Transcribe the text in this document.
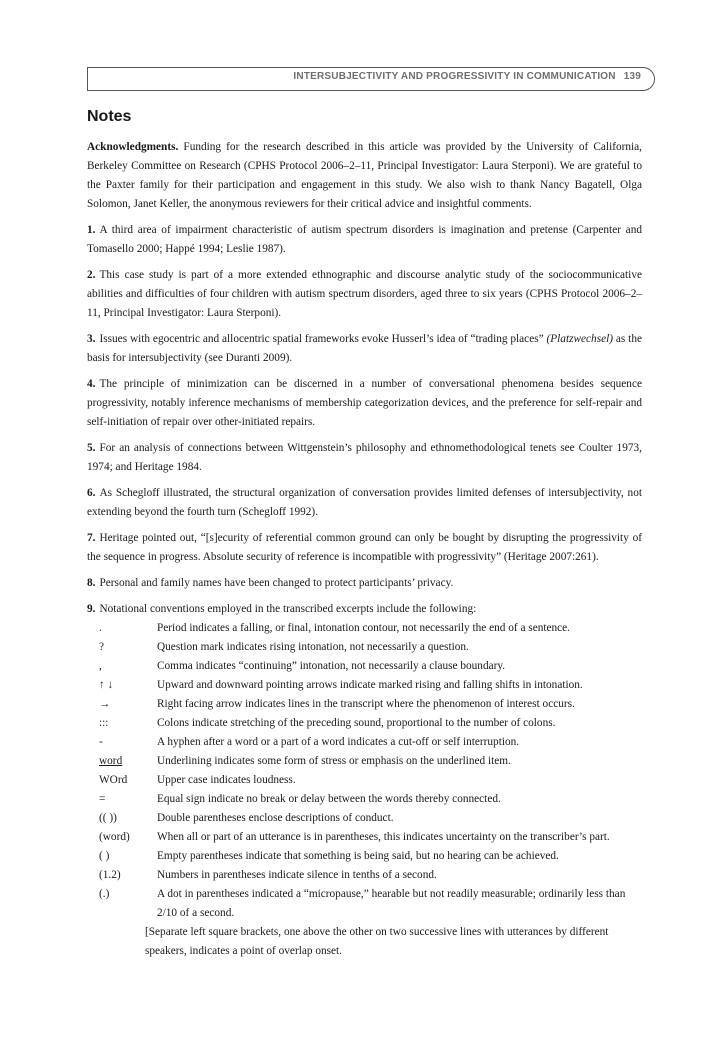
INTERSUBJECTIVITY AND PROGRESSIVITY IN COMMUNICATION 139
Notes

Acknowledgments. Funding for the research described in this article was provided by the University of California, Berkeley Committee on Research (CPHS Protocol 2006–2–11, Principal Investigator: Laura Sterponi). We are grateful to the Paxter family for their participation and engagement in this study. We also wish to thank Nancy Bagatell, Olga Solomon, Janet Keller, the anonymous reviewers for their critical advice and insightful comments.

1. A third area of impairment characteristic of autism spectrum disorders is imagination and pretense (Carpenter and Tomasello 2000; Happé 1994; Leslie 1987).

2. This case study is part of a more extended ethnographic and discourse analytic study of the sociocommunicative abilities and difficulties of four children with autism spectrum disorders, aged three to six years (CPHS Protocol 2006–2–11, Principal Investigator: Laura Sterponi).

3. Issues with egocentric and allocentric spatial frameworks evoke Husserl’s idea of “trading places” (Platzwechsel) as the basis for intersubjectivity (see Duranti 2009).

4. The principle of minimization can be discerned in a number of conversational phenomena besides sequence progressivity, notably inference mechanisms of membership categorization devices, and the preference for self-repair and self-initiation of repair over other-initiated repairs.

5. For an analysis of connections between Wittgenstein’s philosophy and ethnomethodological tenets see Coulter 1973, 1974; and Heritage 1984.

6. As Schegloff illustrated, the structural organization of conversation provides limited defenses of intersubjectivity, not extending beyond the fourth turn (Schegloff 1992).

7. Heritage pointed out, “[s]ecurity of referential common ground can only be bought by disrupting the progressivity of the sequence in progress. Absolute security of reference is incompatible with progressivity” (Heritage 2007:261).

8. Personal and family names have been changed to protect participants’ privacy.

9. Notational conventions employed in the transcribed excerpts include the following:
.	Period indicates a falling, or final, intonation contour, not necessarily the end of a sentence.
?	Question mark indicates rising intonation, not necessarily a question.
,	Comma indicates “continuing” intonation, not necessarily a clause boundary.
↑ ↓	Upward and downward pointing arrows indicate marked rising and falling shifts in intonation.
→	Right facing arrow indicates lines in the transcript where the phenomenon of interest occurs.
:::	Colons indicate stretching of the preceding sound, proportional to the number of colons.
-	A hyphen after a word or a part of a word indicates a cut-off or self interruption.
word	Underlining indicates some form of stress or emphasis on the underlined item.
WOrd	Upper case indicates loudness.
=	Equal sign indicate no break or delay between the words thereby connected.
(( ))	Double parentheses enclose descriptions of conduct.
(word)	When all or part of an utterance is in parentheses, this indicates uncertainty on the transcriber’s part.
( )	Empty parentheses indicate that something is being said, but no hearing can be achieved.
(1.2)	Numbers in parentheses indicate silence in tenths of a second.
(.)	A dot in parentheses indicated a “micropause,” hearable but not readily measurable; ordinarily less than 2/10 of a second.
[Separate left square brackets, one above the other on two successive lines with utterances by different speakers, indicates a point of overlap onset.
